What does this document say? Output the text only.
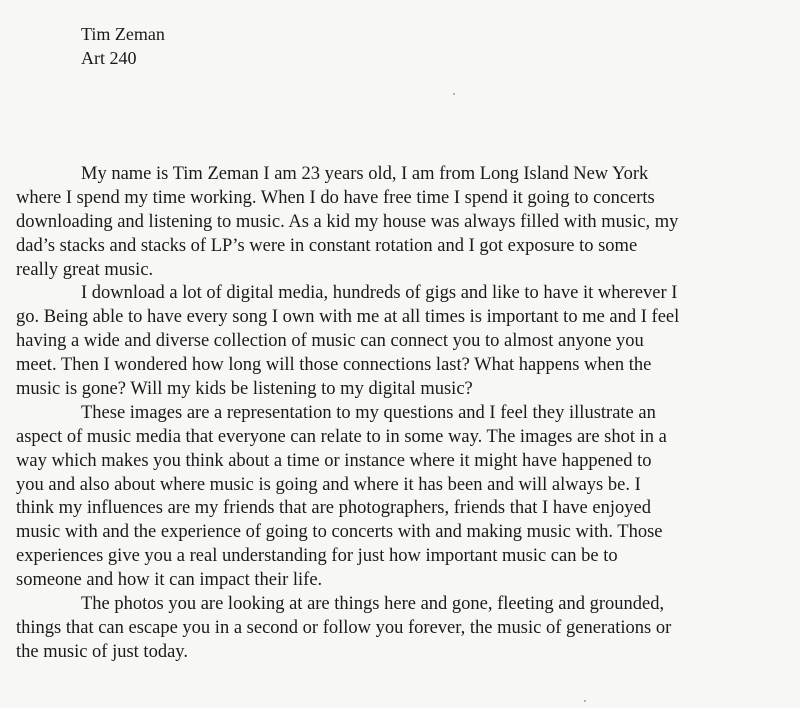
Tim Zeman
Art 240
My name is Tim Zeman I am 23 years old, I am from Long Island New York
where I spend my time working. When I do have free time I spend it going to concerts
downloading and listening to music. As a kid my house was always filled with music, my
dad’s stacks and stacks of LP’s were in constant rotation and I got exposure to some
really great music.
I download a lot of digital media, hundreds of gigs and like to have it wherever I
go. Being able to have every song I own with me at all times is important to me and I feel
having a wide and diverse collection of music can connect you to almost anyone you
meet. Then I wondered how long will those connections last? What happens when the
music is gone? Will my kids be listening to my digital music?
These images are a representation to my questions and I feel they illustrate an
aspect of music media that everyone can relate to in some way. The images are shot in a
way which makes you think about a time or instance where it might have happened to
you and also about where music is going and where it has been and will always be. I
think my influences are my friends that are photographers, friends that I have enjoyed
music with and the experience of going to concerts with and making music with. Those
experiences give you a real understanding for just how important music can be to
someone and how it can impact their life.
The photos you are looking at are things here and gone, fleeting and grounded,
things that can escape you in a second or follow you forever, the music of generations or
the music of just today.
